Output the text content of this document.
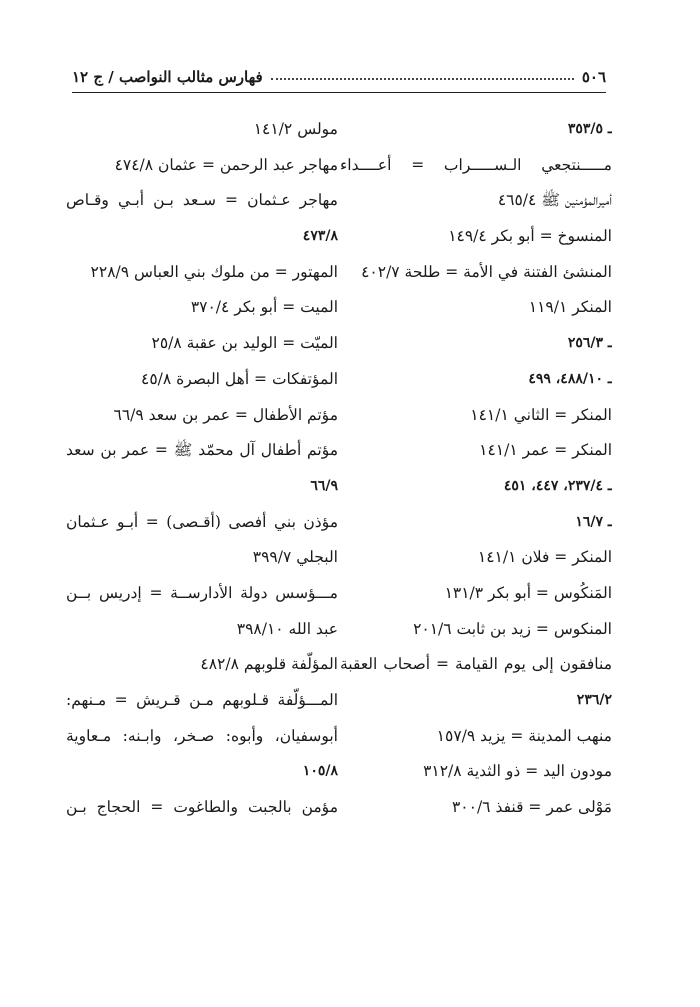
٥٠٦
فهارس مثالب النواصب / ج ١٢
ـ ٣٥٣/٥
مـــــنتجعي الـســـــراب = أعــــداء
أميرالمؤمنين ﷺ ٤٦٥/٤
المنسوخ = أبو بكر ١٤٩/٤
المنشئ الفتنة في الأمة = طلحة ٤٠٢/٧
المنكر ١١٩/١
ـ ٢٥٦/٣
ـ ٤٨٨/١٠، ٤٩٩
المنكر = الثاني ١٤١/١
المنكر = عمر ١٤١/١
ـ ٢٣٧/٤، ٤٤٧، ٤٥١
ـ ١٦/٧
المنكر = فلان ١٤١/١
المَنكُوس = أبو بكر ١٣١/٣
المنكوس = زيد بن ثابت ٢٠١/٦
منافقون إلى يوم القيامة = أصحاب العقبة
٢٣٦/٢
منهب المدينة = يزيد ١٥٧/٩
مودون اليد = ذو الثدية ٣١٢/٨
مَوْلى عمر = قنفذ ٣٠٠/٦
مولس ١٤١/٢
مهاجر عبد الرحمن = عثمان ٤٧٤/٨
مهاجر عـثمان = سـعد بـن أبـي وقـاص
٤٧٣/٨
المهتور = من ملوك بني العباس ٢٢٨/٩
الميت = أبو بكر ٣٧٠/٤
الميّت = الوليد بن عقبة ٢٥/٨
المؤتفكات = أهل البصرة ٤٥/٨
مؤتم الأطفال = عمر بن سعد ٦٦/٩
مؤتم أطفال آل محمّد ﷺ = عمر بن سعد
٦٦/٩
مؤذن بني أفصى (أقـصى) = أبـو عـثمان
البجلي ٣٩٩/٧
مـــؤسس دولة الأدارســة = إدريس بــن
عبد الله ٣٩٨/١٠
المؤلّفة قلوبهم ٤٨٢/٨
المـــؤلّفة قـلوبهم مـن قـريش = مـنهم:
أبوسفيان، وأبوه: صـخر، وابـنه: مـعاوية
١٠٥/٨
مؤمن بالجبت والطاغوت = الحجاج بـن
